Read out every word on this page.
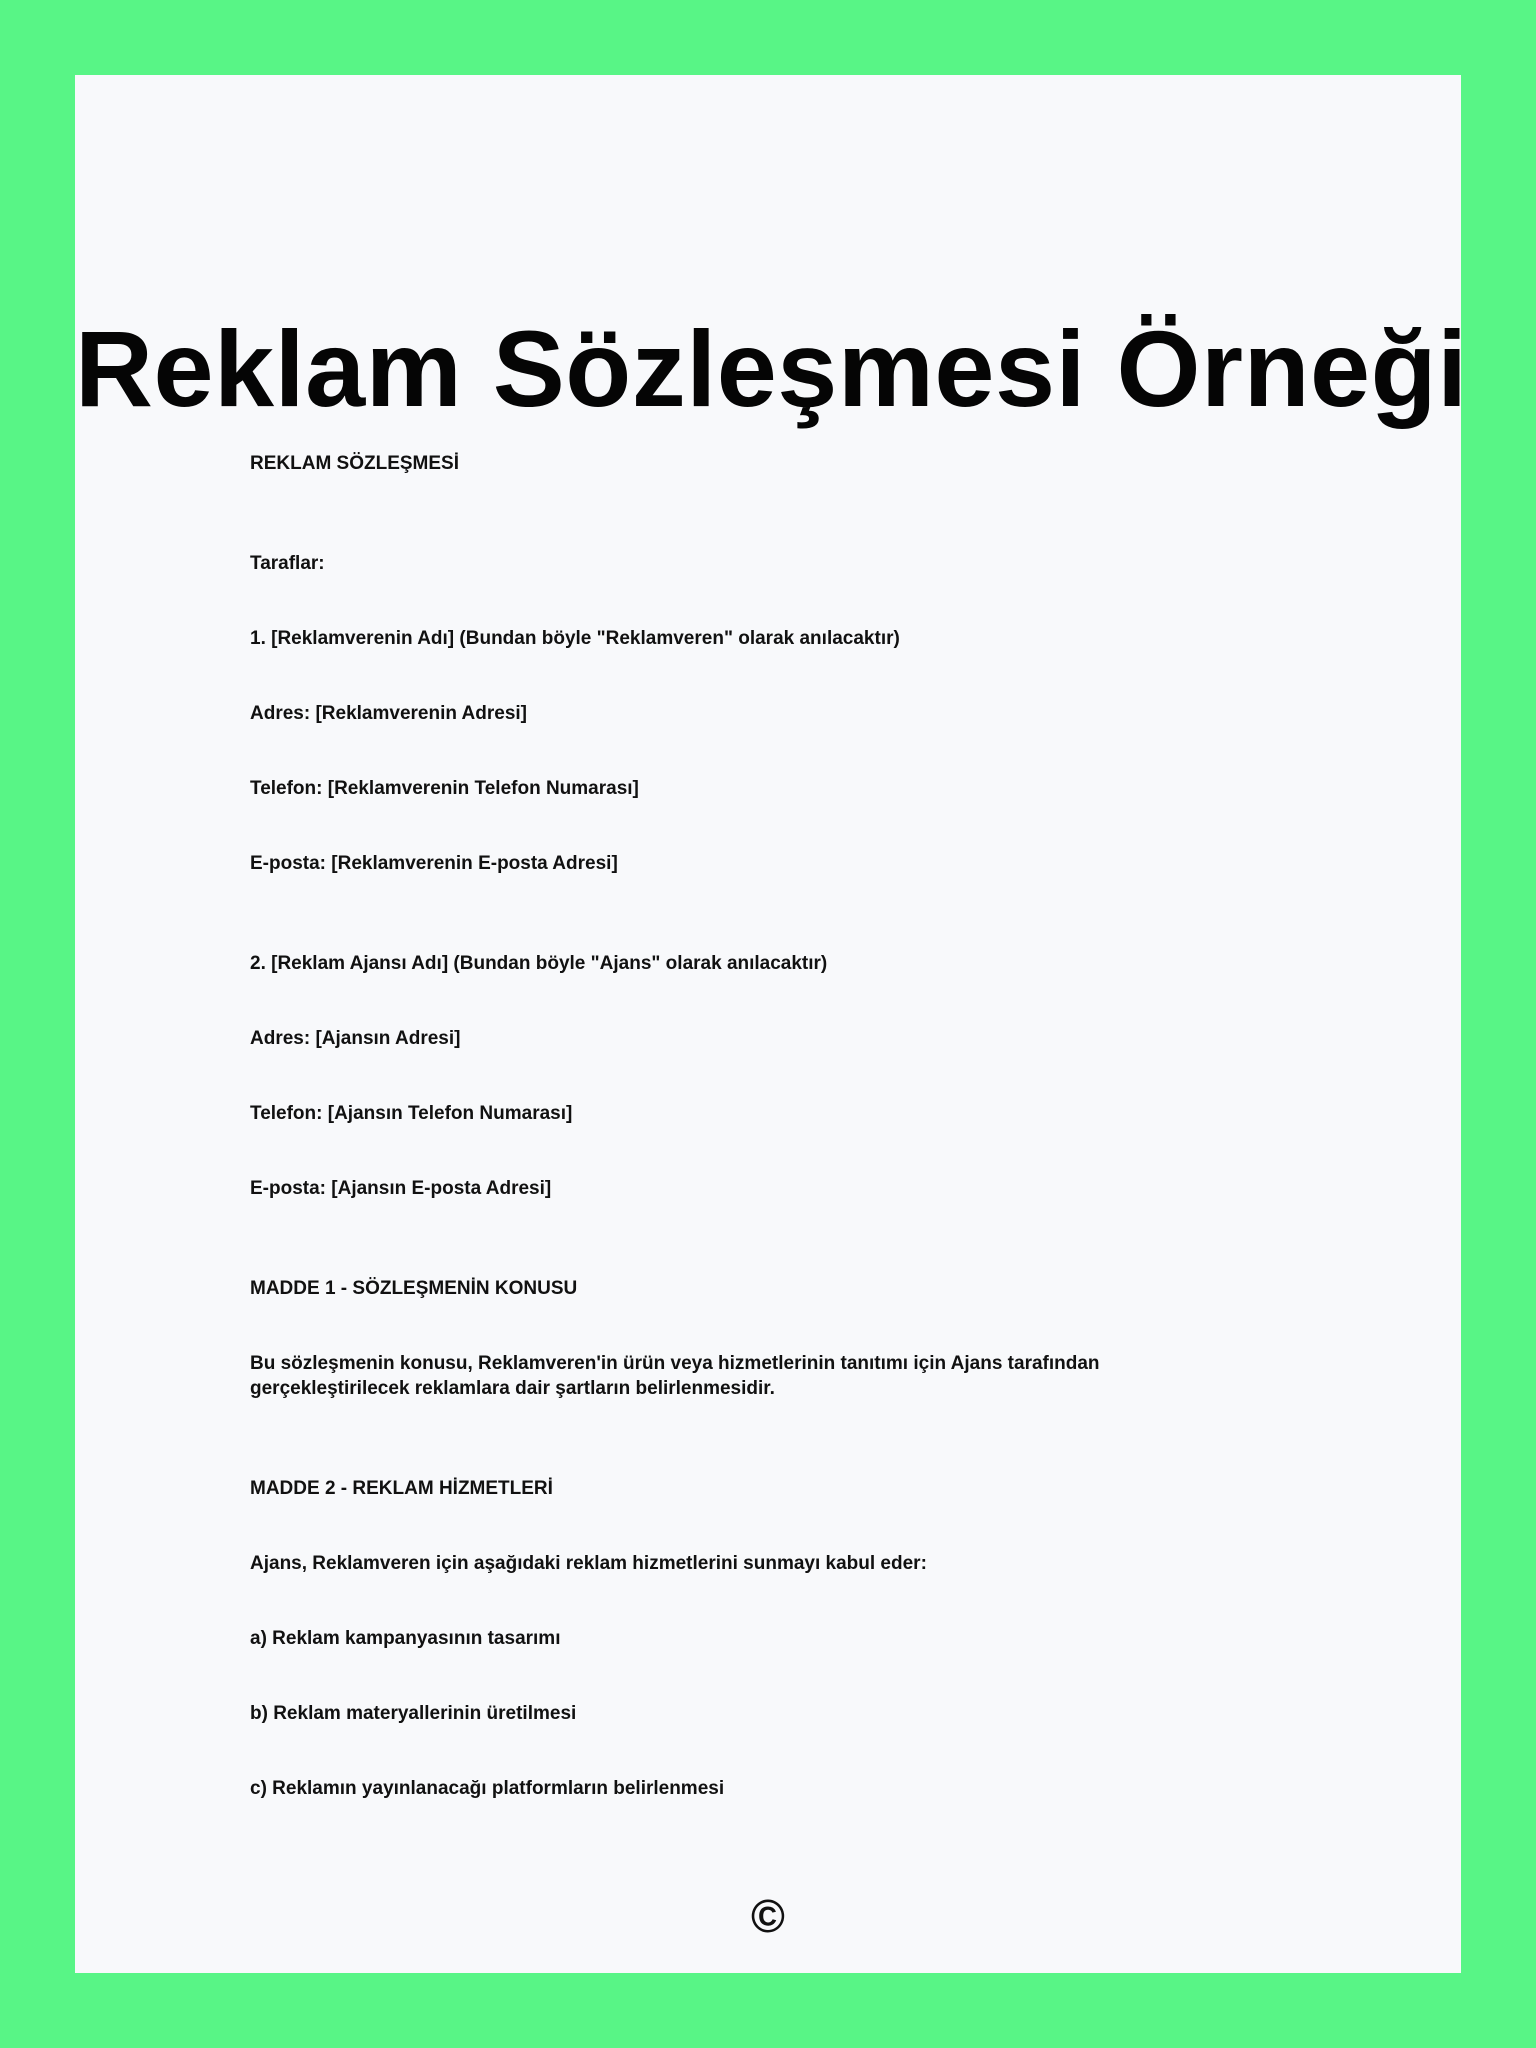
Reklam Sözleşmesi Örneği

REKLAM SÖZLEŞMESİ

Taraflar:

1. [Reklamverenin Adı] (Bundan böyle "Reklamveren" olarak anılacaktır)

Adres: [Reklamverenin Adresi]

Telefon: [Reklamverenin Telefon Numarası]

E-posta: [Reklamverenin E-posta Adresi]

2. [Reklam Ajansı Adı] (Bundan böyle "Ajans" olarak anılacaktır)

Adres: [Ajansın Adresi]

Telefon: [Ajansın Telefon Numarası]

E-posta: [Ajansın E-posta Adresi]

MADDE 1 - SÖZLEŞMENİN KONUSU

Bu sözleşmenin konusu, Reklamveren'in ürün veya hizmetlerinin tanıtımı için Ajans tarafından gerçekleştirilecek reklamlara dair şartların belirlenmesidir.

MADDE 2 - REKLAM HİZMETLERİ

Ajans, Reklamveren için aşağıdaki reklam hizmetlerini sunmayı kabul eder:

a) Reklam kampanyasının tasarımı

b) Reklam materyallerinin üretilmesi

c) Reklamın yayınlanacağı platformların belirlenmesi

©
